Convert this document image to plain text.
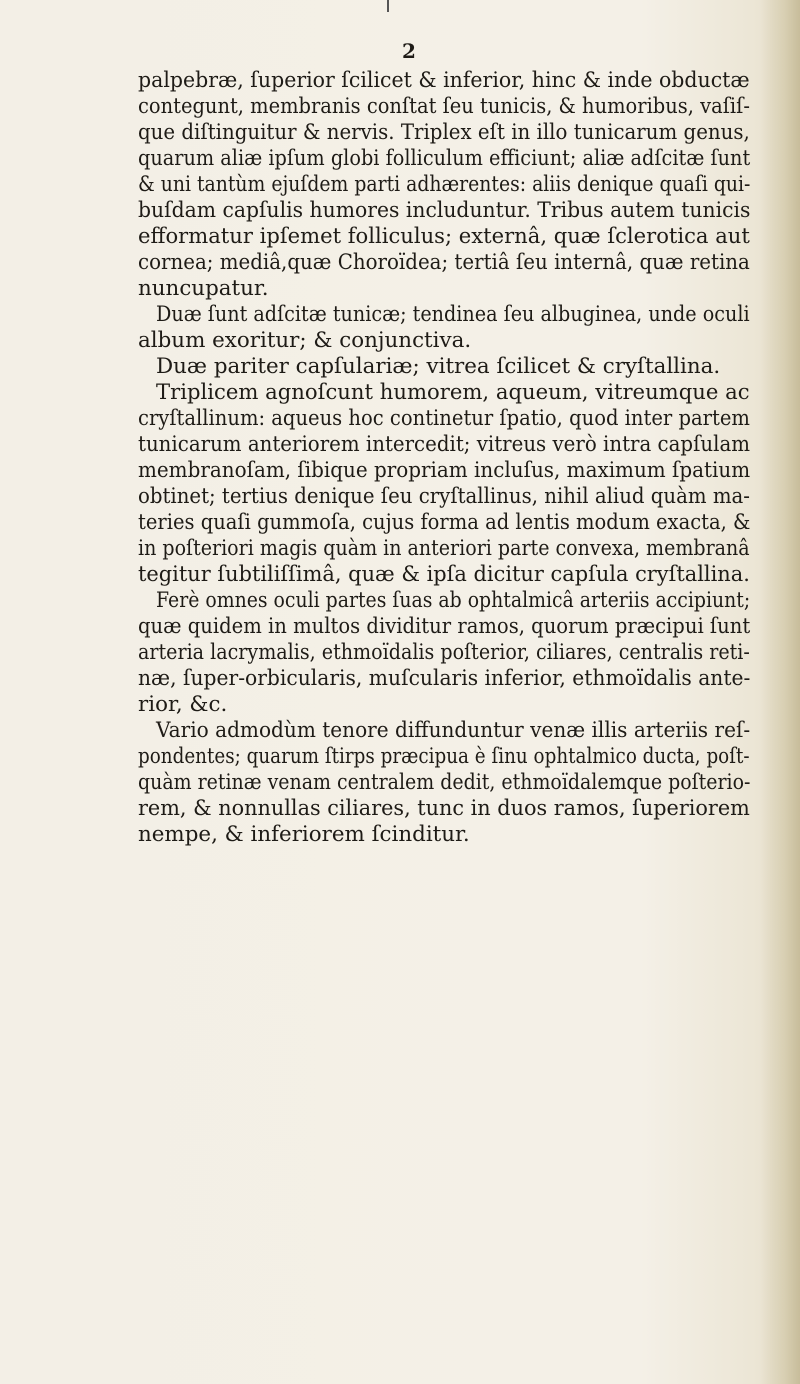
2
palpebræ, ſuperior ſcilicet & inferior, hinc & inde obductæ
contegunt, membranis conſtat ſeu tunicis, & humoribus, vaſiſ-
que diſtinguitur & nervis. Triplex eſt in illo tunicarum genus,
quarum aliæ ipſum globi folliculum efficiunt; aliæ adſcitæ ſunt
& uni tantùm ejuſdem parti adhærentes: aliis denique quaſi qui-
buſdam capſulis humores includuntur. Tribus autem tunicis
efformatur ipſemet folliculus; externâ, quæ ſclerotica aut
cornea; mediâ,quæ Choroïdea; tertiâ ſeu internâ, quæ retina
nuncupatur.
Duæ ſunt adſcitæ tunicæ; tendinea ſeu albuginea, unde oculi
album exoritur; & conjunctiva.
Duæ pariter capſulariæ; vitrea ſcilicet & cryſtallina.
Triplicem agnoſcunt humorem, aqueum, vitreumque ac
cryſtallinum: aqueus hoc continetur ſpatio, quod inter partem
tunicarum anteriorem intercedit; vitreus verò intra capſulam
membranoſam, ſibique propriam incluſus, maximum ſpatium
obtinet; tertius denique ſeu cryſtallinus, nihil aliud quàm ma-
teries quaſi gummoſa, cujus forma ad lentis modum exacta, &
in poſteriori magis quàm in anteriori parte convexa, membranâ
tegitur ſubtiliſſimâ, quæ & ipſa dicitur capſula cryſtallina.
Ferè omnes oculi partes ſuas ab ophtalmicâ arteriis accipiunt;
quæ quidem in multos dividitur ramos, quorum præcipui ſunt
arteria lacrymalis, ethmoïdalis poſterior, ciliares, centralis reti-
næ, ſuper-orbicularis, muſcularis inferior, ethmoïdalis ante-
rior, &c.
Vario admodùm tenore diffunduntur venæ illis arteriis reſ-
pondentes; quarum ſtirps præcipua è ſinu ophtalmico ducta, poſt-
quàm retinæ venam centralem dedit, ethmoïdalemque poſterio-
rem, & nonnullas ciliares, tunc in duos ramos, ſuperiorem
nempe, & inferiorem ſcinditur.
